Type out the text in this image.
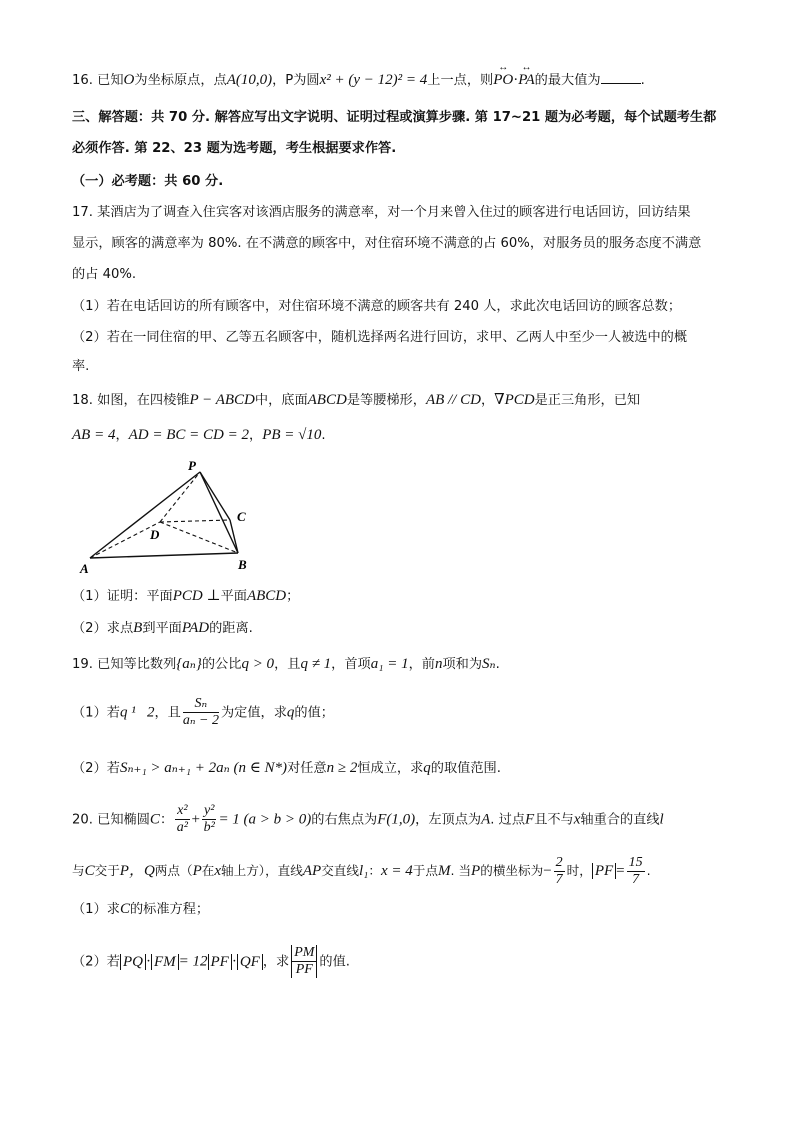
16. 已知O为坐标原点，点A(10,0)，P为圆x² + (y − 12)² = 4上一点，则↔ PO·↔ PA的最大值为	.
三、解答题：共 70 分. 解答应写出文字说明、证明过程或演算步骤. 第 17~21 题为必考题，每个试题考生都
必须作答. 第 22、23 题为选考题，考生根据要求作答.
（一）必考题：共 60 分.
17. 某酒店为了调查入住宾客对该酒店服务的满意率，对一个月来曾入住过的顾客进行电话回访，回访结果
显示，顾客的满意率为 80%. 在不满意的顾客中，对住宿环境不满意的占 60%，对服务员的服务态度不满意
的占 40%.
（1）若在电话回访的所有顾客中，对住宿环境不满意的顾客共有 240 人，求此次电话回访的顾客总数；
（2）若在一同住宿的甲、乙等五名顾客中，随机选择两名进行回访，求甲、乙两人中至少一人被选中的概
率.
18. 如图，在四棱锥P − ABCD中，底面ABCD是等腰梯形，AB // CD，∇PCD是正三角形，已知
AB = 4，AD = BC = CD = 2，PB = √10.
P
C
D
A	B
（1）证明：平面PCD ⊥平面ABCD；
（2）求点B到平面PAD的距离.
19. 已知等比数列{aₙ}的公比q > 0，且q ≠ 1，首项a₁ = 1，前n项和为Sₙ.
（1）若q ¹   2，且 $\frac{\text{Sₙ}}{\text{aₙ − 2}}$ 为定值，求q的值；
（2）若Sₙ₊₁ > aₙ₊₁ + 2aₙ (n ∈ N*)对任意n ≥ 2恒成立，求q的取值范围.
20. 已知椭圆C： $\frac{\text{x²}}{\text{a²}} + \frac{\text{y²}}{\text{b²}} = 1$ (a > b > 0)的右焦点为F(1,0)，左顶点为A. 过点F且不与x轴重合的直线l
与C交于P，Q两点（P在x轴上方），直线AP交直线l₁：x = 4于点M. 当P的横坐标为− $\frac{2}{7}$ 时， PF = $\frac{15}{7}$ .
（1）求C的标准方程；
（2）若 PQ · FM = 12 PF · QF ，求 $\frac{PM}{PF}$ 的值.
